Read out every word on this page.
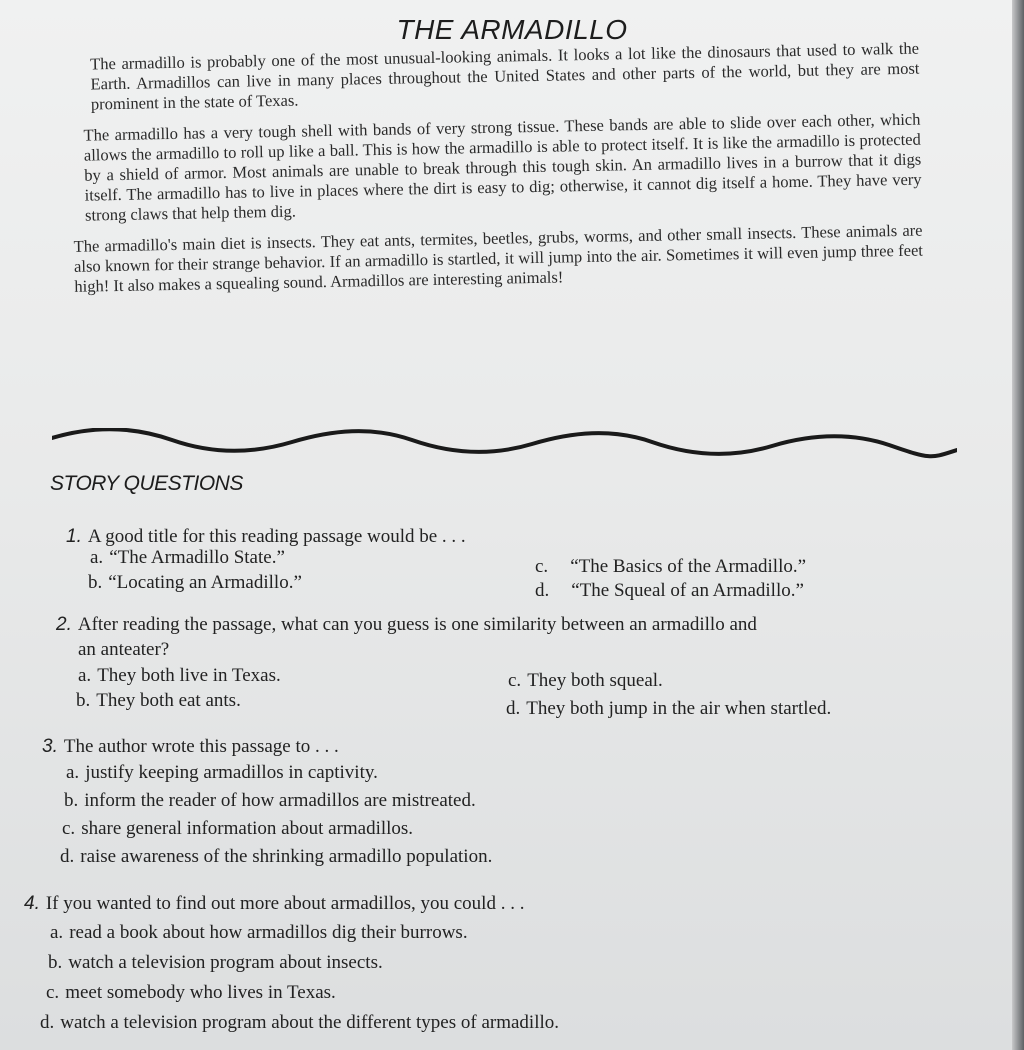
THE ARMADILLO

The armadillo is probably one of the most unusual-looking animals. It looks a lot like the dinosaurs that used to walk the Earth. Armadillos can live in many places throughout the United States and other parts of the world, but they are most prominent in the state of Texas.

The armadillo has a very tough shell with bands of very strong tissue. These bands are able to slide over each other, which allows the armadillo to roll up like a ball. This is how the armadillo is able to protect itself. It is like the armadillo is protected by a shield of armor. Most animals are unable to break through this tough skin. An armadillo lives in a burrow that it digs itself. The armadillo has to live in places where the dirt is easy to dig; otherwise, it cannot dig itself a home. They have very strong claws that help them dig.

The armadillo's main diet is insects. They eat ants, termites, beetles, grubs, worms, and other small insects. These animals are also known for their strange behavior. If an armadillo is startled, it will jump into the air. Sometimes it will even jump three feet high! It also makes a squealing sound. Armadillos are interesting animals!

STORY QUESTIONS
1. A good title for this reading passage would be . . .
a. “The Armadillo State.”
b. “Locating an Armadillo.”
c. “The Basics of the Armadillo.”
d. “The Squeal of an Armadillo.”
2. After reading the passage, what can you guess is one similarity between an armadillo and
an anteater?
a. They both live in Texas.
b. They both eat ants.
c. They both squeal.
d. They both jump in the air when startled.
3. The author wrote this passage to . . .
a. justify keeping armadillos in captivity.
b. inform the reader of how armadillos are mistreated.
c. share general information about armadillos.
d. raise awareness of the shrinking armadillo population.
4. If you wanted to find out more about armadillos, you could . . .
a. read a book about how armadillos dig their burrows.
b. watch a television program about insects.
c. meet somebody who lives in Texas.
d. watch a television program about the different types of armadillo.
